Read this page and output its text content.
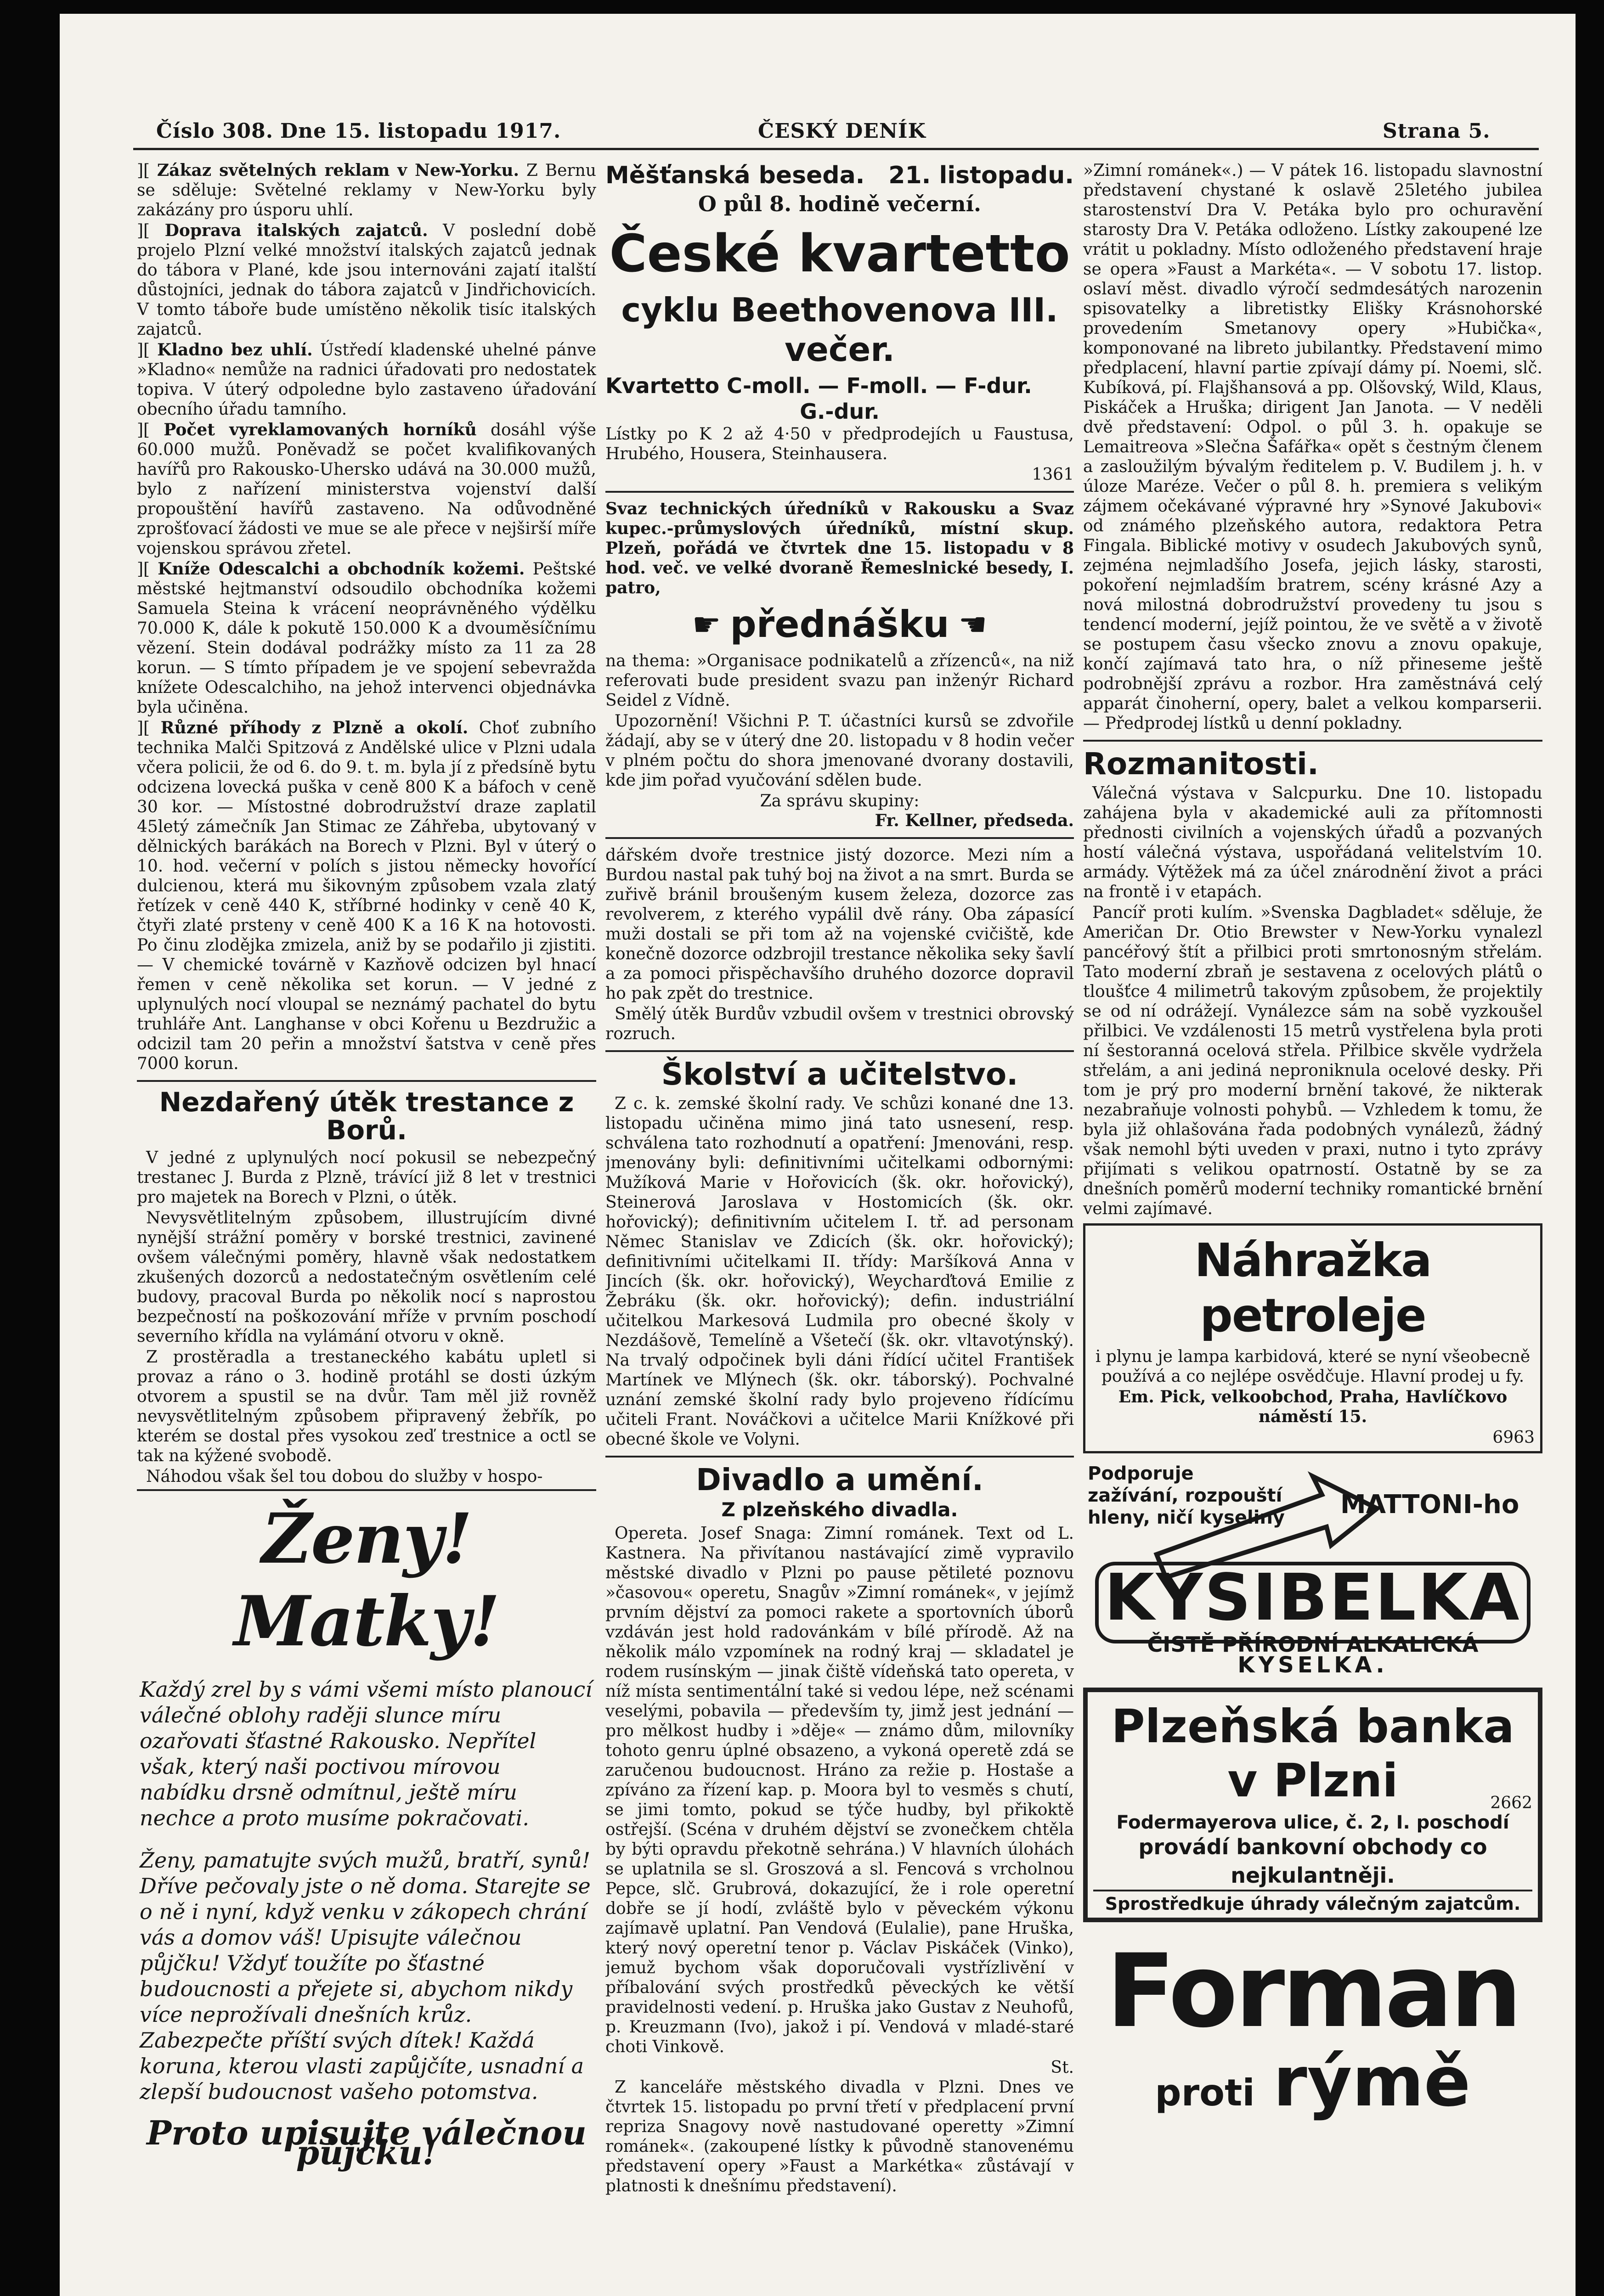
Číslo 308. Dne 15. listopadu 1917.	ČESKÝ DENÍK	Strana 5.

][ Zákaz světelných reklam v New-Yorku. Z Bernu se sděluje: Světelné reklamy v New-Yorku byly zakázány pro úsporu uhlí.

][ Doprava italských zajatců. V poslední době projelo Plzní velké množství italských zajatců jednak do tábora v Plané, kde jsou internováni zajatí italští důstojníci, jednak do tábora zajatců v Jindřichovicích. V tomto táboře bude umístěno několik tisíc italských zajatců.

][ Kladno bez uhlí. Ústředí kladenské uhelné pánve »Kladno« nemůže na radnici úřadovati pro nedostatek topiva. V úterý odpoledne bylo zastaveno úřadování obecního úřadu tamního.

][ Počet vyreklamovaných horníků dosáhl výše 60.000 mužů. Poněvadž se počet kvalifikovaných havířů pro Rakousko-Uhersko udává na 30.000 mužů, bylo z nařízení ministerstva vojenství další propouštění havířů zastaveno. Na odůvodněné zprošťovací žádosti ve mue se ale přece v nejširší míře vojenskou správou zřetel.

][ Kníže Odescalchi a obchodník kožemi. Peštské městské hejtmanství odsoudilo obchodníka kožemi Samuela Steina k vrácení neoprávněného výdělku 70.000 K, dále k pokutě 150.000 K a dvouměsíčnímu vězení. Stein dodával podrážky místo za 11 za 28 korun. — S tímto případem je ve spojení sebevražda knížete Odescalchiho, na jehož intervenci objednávka byla učiněna.

][ Různé příhody z Plzně a okolí. Choť zubního technika Malči Spitzová z Andělské ulice v Plzni udala včera policii, že od 6. do 9. t. m. byla jí z předsíně bytu odcizena lovecká puška v ceně 800 K a báfoch v ceně 30 kor. — Místostné dobrodružství draze zaplatil 45letý zámečník Jan Stimac ze Záhřeba, ubytovaný v dělnických barákách na Borech v Plzni. Byl v úterý o 10. hod. večerní v polích s jistou německy hovořící dulcienou, která mu šikovným způsobem vzala zlatý řetízek v ceně 440 K, stříbrné hodinky v ceně 40 K, čtyři zlaté prsteny v ceně 400 K a 16 K na hotovosti. Po činu zlodějka zmizela, aniž by se podařilo ji zjistiti. — V chemické továrně v Kazňově odcizen byl hnací řemen v ceně několika set korun. — V jedné z uplynulých nocí vloupal se neznámý pachatel do bytu truhláře Ant. Langhanse v obci Kořenu u Bezdružic a odcizil tam 20 peřin a množství šatstva v ceně přes 7000 korun.

Nezdařený útěk trestance z Borů.

V jedné z uplynulých nocí pokusil se nebezpečný trestanec J. Burda z Plzně, trávící již 8 let v trestnici pro majetek na Borech v Plzni, o útěk.

Nevysvětlitelným způsobem, illustrujícím divné nynější strážní poměry v borské trestnici, zavinené ovšem válečnými poměry, hlavně však nedostatkem zkušených dozorců a nedostatečným osvětlením celé budovy, pracoval Burda po několik nocí s naprostou bezpečností na poškozování mříže v prvním poschodí severního křídla na vylámání otvoru v okně.

Z prostěradla a trestaneckého kabátu upletl si provaz a ráno o 3. hodině protáhl se dosti úzkým otvorem a spustil se na dvůr. Tam měl již rovněž nevysvětlitelným způsobem připravený žebřík, po kterém se dostal přes vysokou zeď trestnice a octl se tak na kýžené svobodě.

Náhodou však šel tou dobou do služby v hospo-

Ženy! Matky!

Každý zrel by s vámi všemi místo planoucí válečné oblohy raději slunce míru ozařovati šťastné Rakousko. Nepřítel však, který naši poctivou mírovou nabídku drsně odmítnul, ještě míru nechce a proto musíme pokračovati.

Ženy, pamatujte svých mužů, bratří, synů! Dříve pečovaly jste o ně doma. Starejte se o ně i nyní, když venku v zákopech chrání vás a domov váš! Upisujte válečnou půjčku! Vždyť toužíte po šťastné budoucnosti a přejete si, abychom nikdy více neprožívali dnešních krůz. Zabezpečte příští svých dítek! Každá koruna, kterou vlasti zapůjčíte, usnadní a zlepší budoucnost vašeho potomstva.

Proto upisujte válečnou půjčku!
Měšťanská beseda. 21. listopadu.
O půl 8. hodině večerní.
České kvartetto
cyklu Beethovenova III. večer.
Kvartetto C-moll. — F-moll. — F-dur.
G.-dur.

Lístky po K 2 až 4·50 v předprodejích u Faustusa, Hrubého, Housera, Steinhausera.

1361

Svaz technických úředníků v Rakousku a Svaz kupec.-průmyslových úředníků, místní skup. Plzeň, pořádá ve čtvrtek dne 15. listopadu v 8 hod. več. ve velké dvoraně Řemeslnické besedy, I. patro,

☛ přednášku ☚

na thema: »Organisace podnikatelů a zřízenců«, na niž referovati bude president svazu pan inženýr Richard Seidel z Vídně.

Upozornění! Všichni P. T. účastníci kursů se zdvořile žádají, aby se v úterý dne 20. listopadu v 8 hodin večer v plném počtu do shora jmenované dvorany dostavili, kde jim pořad vyučování sdělen bude.

Za správu skupiny:
Fr. Kellner, předseda.

dářském dvoře trestnice jistý dozorce. Mezi ním a Burdou nastal pak tuhý boj na život a na smrt. Burda se zuřivě bránil broušeným kusem železa, dozorce zas revolverem, z kterého vypálil dvě rány. Oba zápasící muži dostali se při tom až na vojenské cvičiště, kde konečně dozorce odzbrojil trestance několika seky šavlí a za pomoci přispěchavšího druhého dozorce dopravil ho pak zpět do trestnice.

Smělý útěk Burdův vzbudil ovšem v trestnici obrovský rozruch.

Školství a učitelstvo.

Z c. k. zemské školní rady. Ve schůzi konané dne 13. listopadu učiněna mimo jiná tato usnesení, resp. schválena tato rozhodnutí a opatření: Jmenováni, resp. jmenovány byli: definitivními učitelkami odbornými: Mužíková Marie v Hořovicích (šk. okr. hořovický), Steinerová Jaroslava v Hostomicích (šk. okr. hořovický); definitivním učitelem I. tř. ad personam Němec Stanislav ve Zdicích (šk. okr. hořovický); definitivními učitelkami II. třídy: Maršíková Anna v Jincích (šk. okr. hořovický), Weycharďtová Emilie z Žebráku (šk. okr. hořovický); defin. industriální učitelkou Markesová Ludmila pro obecné školy v Nezdášově, Temelíně a Všetečí (šk. okr. vltavotýnský). Na trvalý odpočinek byli dáni řídící učitel František Martínek ve Mlýnech (šk. okr. táborský). Pochvalné uznání zemské školní rady bylo projeveno řídícímu učiteli Frant. Nováčkovi a učitelce Marii Knížkové při obecné škole ve Volyni.

Divadlo a umění.
Z plzeňského divadla.

Opereta. Josef Snaga: Zimní románek. Text od L. Kastnera. Na přivítanou nastávající zimě vypravilo městské divadlo v Plzni po pause pětileté poznovu »časovou« operetu, Snagův »Zimní románek«, v jejímž prvním dějství za pomoci rakete a sportovních úborů vzdáván jest hold radovánkám v bílé přírodě. Až na několik málo vzpomínek na rodný kraj — skladatel je rodem rusínským — jinak čiště vídeňská tato opereta, v níž místa sentimentální také si vedou lépe, než scénami veselými, pobavila — především ty, jimž jest jednání — pro mělkost hudby i »děje« — známo dům, milovníky tohoto genru úplné obsazeno, a vykoná operetě zdá se zaručenou budoucnost. Hráno za režie p. Hostaše a zpíváno za řízení kap. p. Moora byl to vesměs s chutí, se jimi tomto, pokud se týče hudby, byl přikoktě ostřejší. (Scéna v druhém dějství se zvonečkem chtěla by býti opravdu překotně sehrána.) V hlavních úlohách se uplatnila se sl. Groszová a sl. Fencová s vrcholnou Pepce, slč. Grubrová, dokazující, že i role operetní dobře se jí hodí, zvláště bylo v pěveckém výkonu zajímavě uplatní. Pan Vendová (Eulalie), pane Hruška, který nový operetní tenor p. Václav Piskáček (Vinko), jemuž bychom však doporučovali vystřízlivění v příbalování svých prostředků pěveckých ke větší pravidelnosti vedení. p. Hruška jako Gustav z Neuhofů, p. Kreuzmann (Ivo), jakož i pí. Vendová v mladé-staré choti Vinkově.

St.

Z kanceláře městského divadla v Plzni. Dnes ve čtvrtek 15. listopadu po první třetí v předplacení první repriza Snagovy nově nastudované operetty »Zimní románek«. (zakoupené lístky k původně stanovenému představení opery »Faust a Markétka« zůstávají v platnosti k dnešnímu představení).

»Zimní románek«.) — V pátek 16. listopadu slavnostní představení chystané k oslavě 25letého jubilea starostenství Dra V. Petáka bylo pro ochuravění starosty Dra V. Petáka odloženo. Lístky zakoupené lze vrátit u pokladny. Místo odloženého představení hraje se opera »Faust a Markéta«. — V sobotu 17. listop. oslaví měst. divadlo výročí sedmdesátých narozenin spisovatelky a libretistky Elišky Krásnohorské provedením Smetanovy opery »Hubička«, komponované na libreto jubilantky. Představení mimo předplacení, hlavní partie zpívají dámy pí. Noemi, slč. Kubíková, pí. Flajšhansová a pp. Olšovský, Wild, Klaus, Piskáček a Hruška; dirigent Jan Janota. — V neděli dvě představení: Odpol. o půl 3. h. opakuje se Lemaitreova »Slečna Šafářka« opět s čestným členem a zasloužilým bývalým ředitelem p. V. Budilem j. h. v úloze Maréze. Večer o půl 8. h. premiera s velikým zájmem očekávané výpravné hry »Synové Jakubovi« od známého plzeňského autora, redaktora Petra Fingala. Biblické motivy v osudech Jakubových synů, zejména nejmladšího Josefa, jejich lásky, starosti, pokoření nejmladším bratrem, scény krásné Azy a nová milostná dobrodružství provedeny tu jsou s tendencí moderní, jejíž pointou, že ve světě a v životě se postupem času všecko znovu a znovu opakuje, končí zajímavá tato hra, o níž přineseme ještě podrobnější zprávu a rozbor. Hra zaměstnává celý apparát činoherní, opery, balet a velkou komparserii. — Předprodej lístků u denní pokladny.

Rozmanitosti.

Válečná výstava v Salcpurku. Dne 10. listopadu zahájena byla v akademické auli za přítomnosti přednosti civilních a vojenských úřadů a pozvaných hostí válečná výstava, uspořádaná velitelstvím 10. armády. Výtěžek má za účel znárodnění život a práci na frontě i v etapách.

Pancíř proti kulím. »Svenska Dagbladet« sděluje, že Američan Dr. Otio Brewster v New-Yorku vynalezl pancéřový štít a přilbici proti smrtonosným střelám. Tato moderní zbraň je sestavena z ocelových plátů o tloušťce 4 milimetrů takovým způsobem, že projektily se od ní odrážejí. Vynálezce sám na sobě vyzkoušel přilbici. Ve vzdálenosti 15 metrů vystřelena byla proti ní šestoranná ocelová střela. Přilbice skvěle vydržela střelám, a ani jediná neproniknula ocelové desky. Při tom je prý pro moderní brnění takové, že nikterak nezabraňuje volnosti pohybů. — Vzhledem k tomu, že byla již ohlašována řada podobných vynálezů, žádný však nemohl býti uveden v praxi, nutno i tyto zprávy přijímati s velikou opatrností. Ostatně by se za dnešních poměrů moderní techniky romantické brnění velmi zajímavé.

Náhražka petroleje

i plynu je lampa karbidová, které se nyní všeobecně používá a co nejlépe osvědčuje. Hlavní prodej u fy.

Em. Pick, velkoobchod, Praha, Havlíčkovo náměstí 15.

6963
Podporuje zažívání, rozpouští hleny, ničí kyseliny MATTONI-ho
KYSIBELKA
ČISTĚ PŘÍRODNÍ ALKALICKÁ
KYSELKA.
Plzeňská banka v Plzni	2662
Fodermayerova ulice, č. 2, I. poschodí
provádí bankovní obchody co nejkulantněji.
Sprostředkuje úhrady válečným zajatcům.
Forman
proti rýmě
